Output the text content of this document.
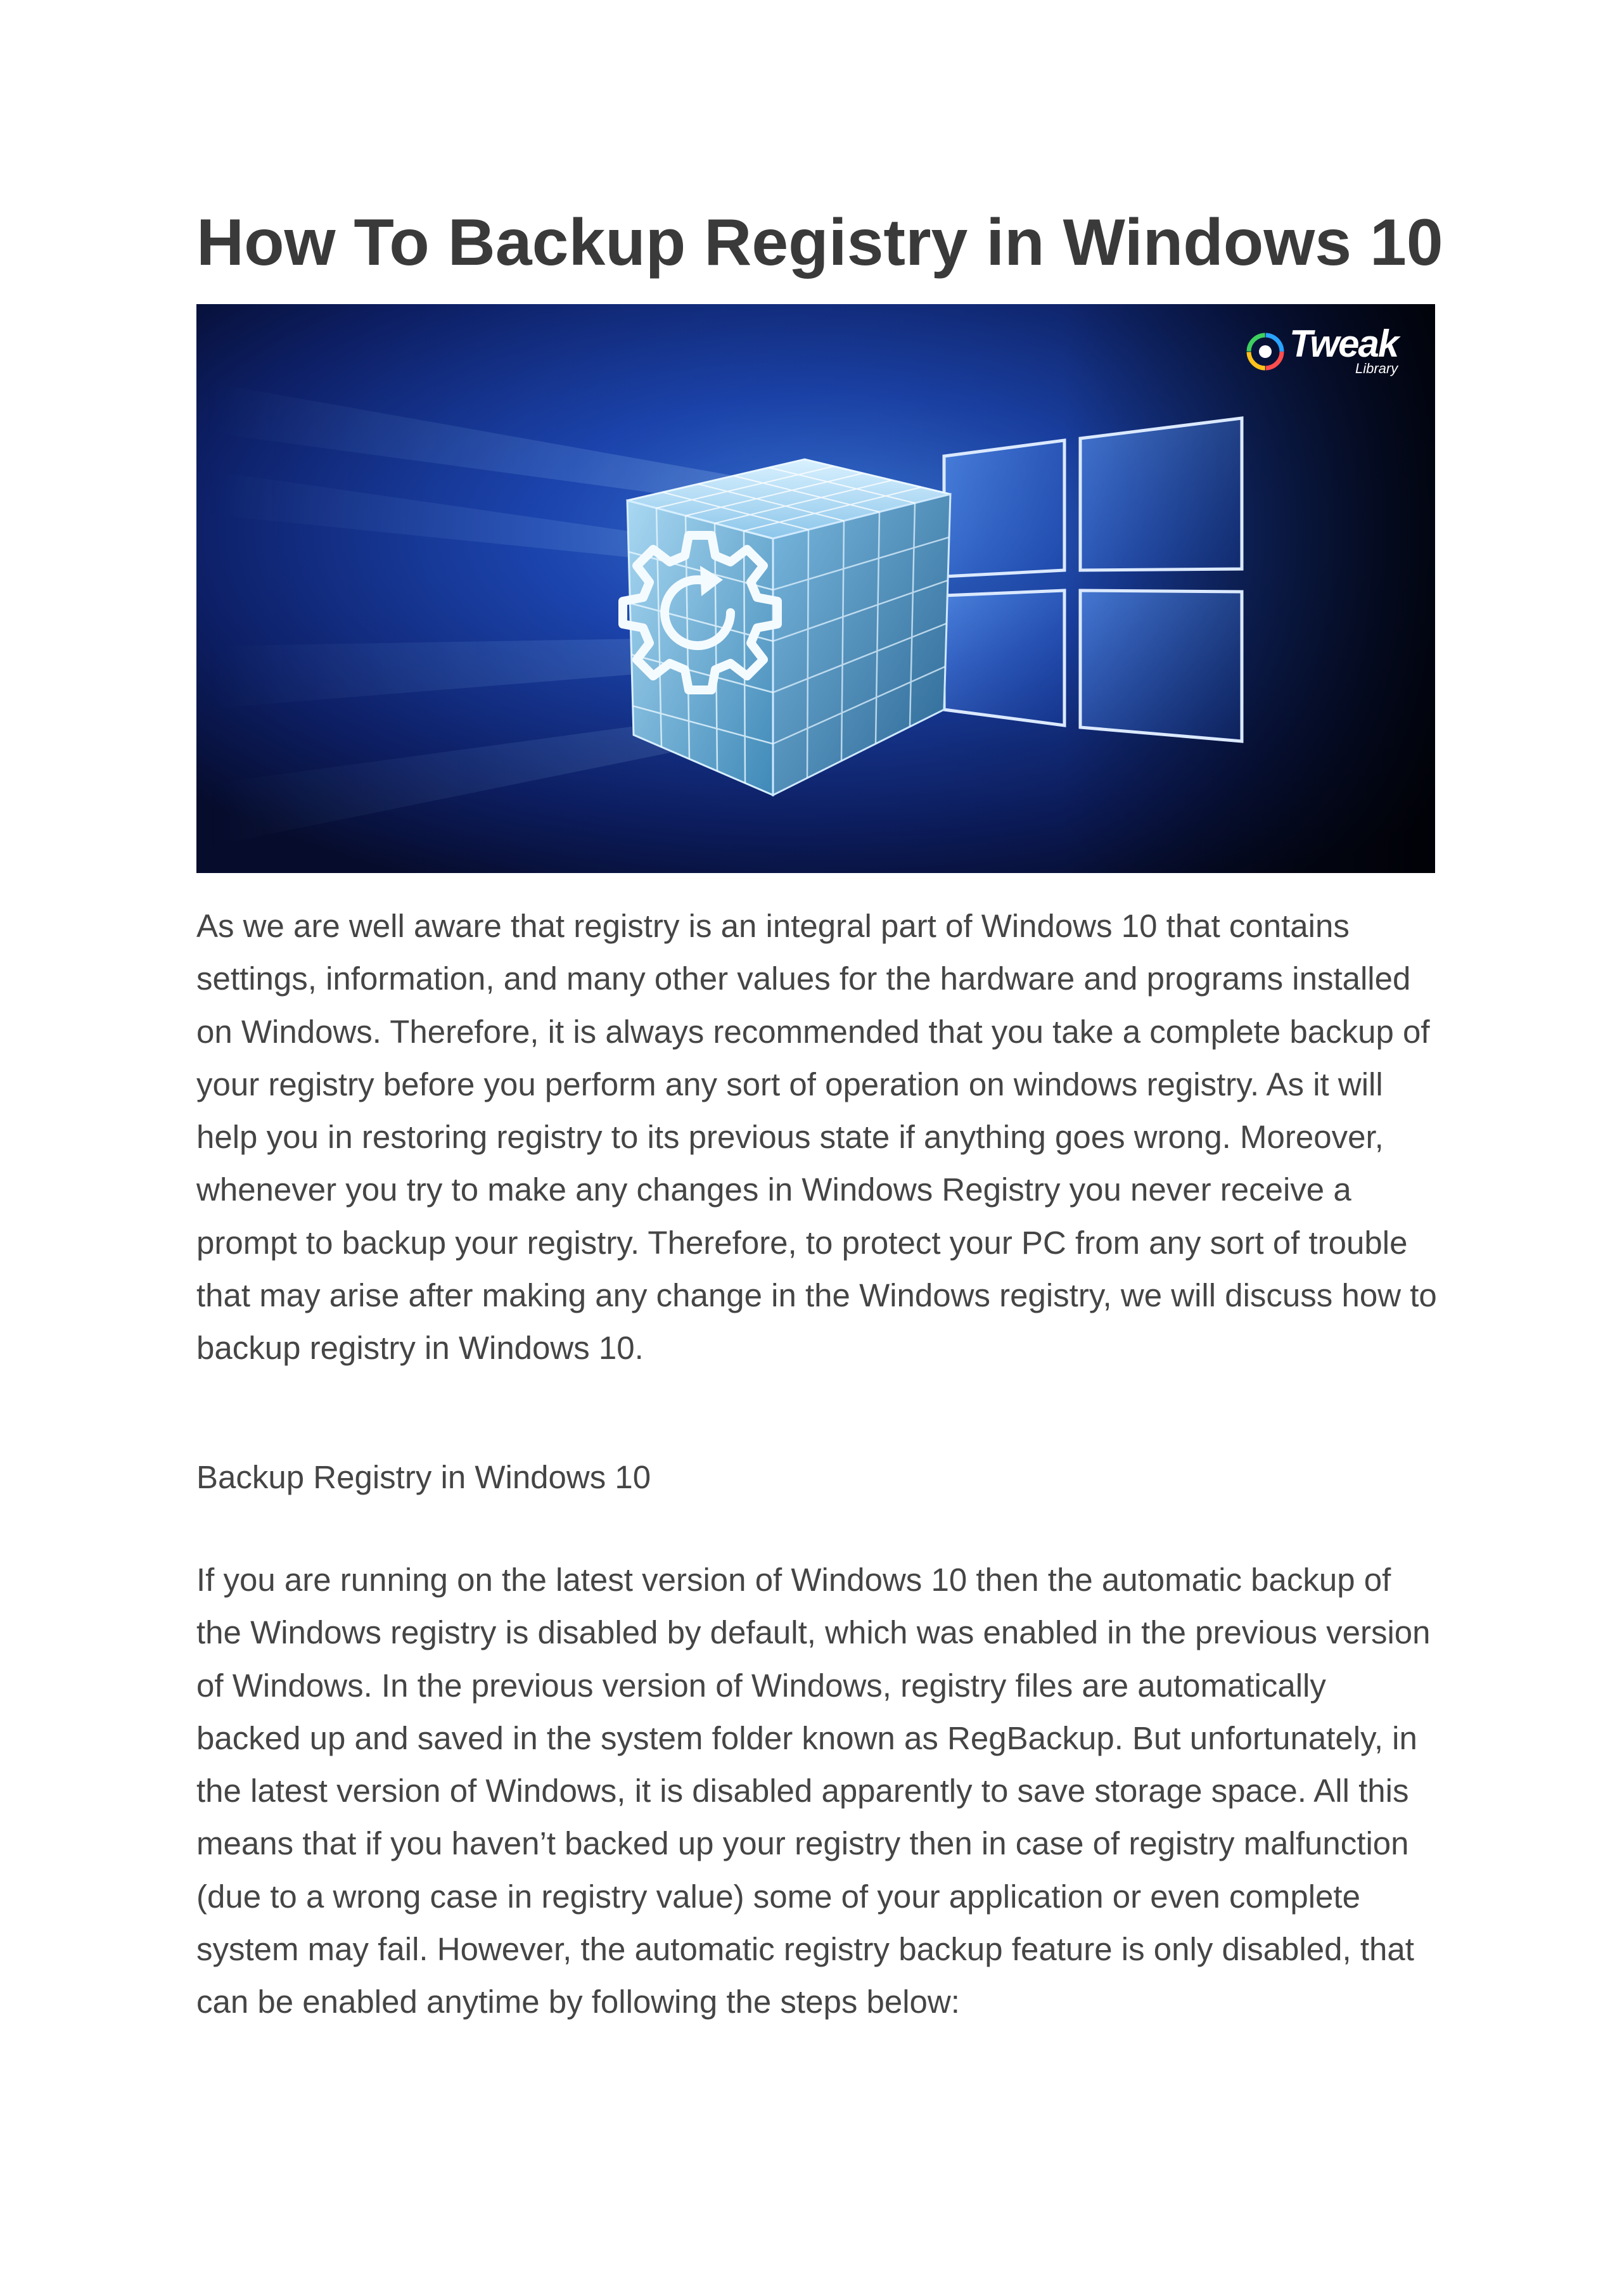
How To Backup Registry in Windows 10
Tweak
Library

As we are well aware that registry is an integral part of Windows 10 that contains settings, information, and many other values for the hardware and programs installed on Windows. Therefore, it is always recommended that you take a complete backup of your registry before you perform any sort of operation on windows registry. As it will help you in restoring registry to its previous state if anything goes wrong. Moreover, whenever you try to make any changes in Windows Registry you never receive a prompt to backup your registry. Therefore, to protect your PC from any sort of trouble that may arise after making any change in the Windows registry, we will discuss how to backup registry in Windows 10.

Backup Registry in Windows 10

If you are running on the latest version of Windows 10 then the automatic backup of the Windows registry is disabled by default, which was enabled in the previous version of Windows. In the previous version of Windows, registry files are automatically backed up and saved in the system folder known as RegBackup. But unfortunately, in the latest version of Windows, it is disabled apparently to save storage space. All this means that if you haven’t backed up your registry then in case of registry malfunction (due to a wrong case in registry value) some of your application or even complete system may fail. However, the automatic registry backup feature is only disabled, that can be enabled anytime by following the steps below:
